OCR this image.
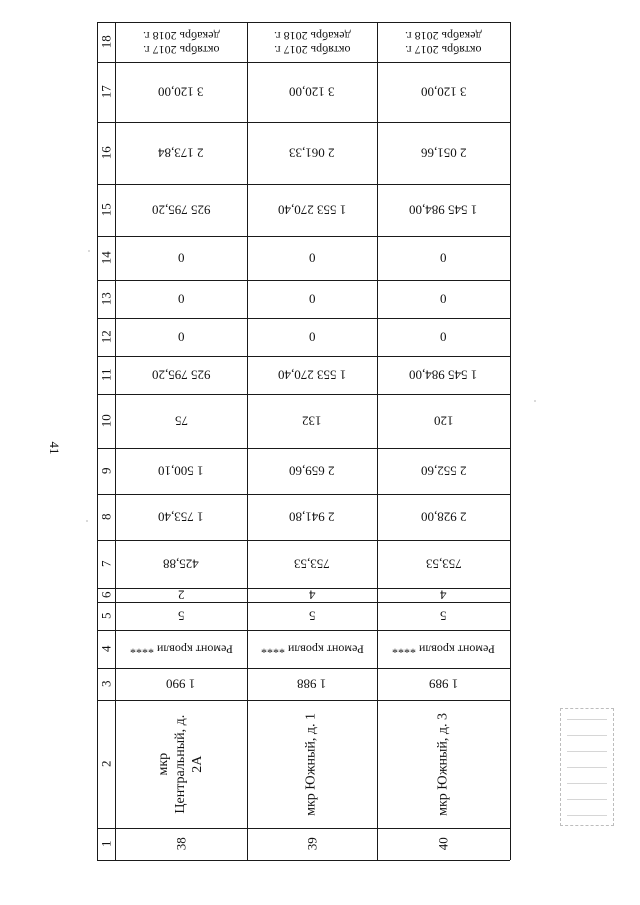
41
18
17
16
15
14
13
12
11
10
9
8
7
6
5
4
3
2
1
октябрь 2017 г.
декабрь 2018 г.
3 120,00
2 173,84
925 795,20
0
0
0
925 795,20
75
1 500,10
1 753,40
425,88
2
5
Ремонт кровли ****
1 990
мкр Центральный, д. 2А
38
октябрь 2017 г.
декабрь 2018 г.
3 120,00
2 061,33
1 553 270,40
0
0
0
1 553 270,40
132
2 659,60
2 941,80
753,53
4
5
Ремонт кровли ****
1 988
мкр Южный, д. 1
39
октябрь 2017 г.
декабрь 2018 г.
3 120,00
2 051,66
1 545 984,00
0
0
0
1 545 984,00
120
2 552,60
2 928,00
753,53
4
5
Ремонт кровли ****
1 989
мкр Южный, д. 3
40
